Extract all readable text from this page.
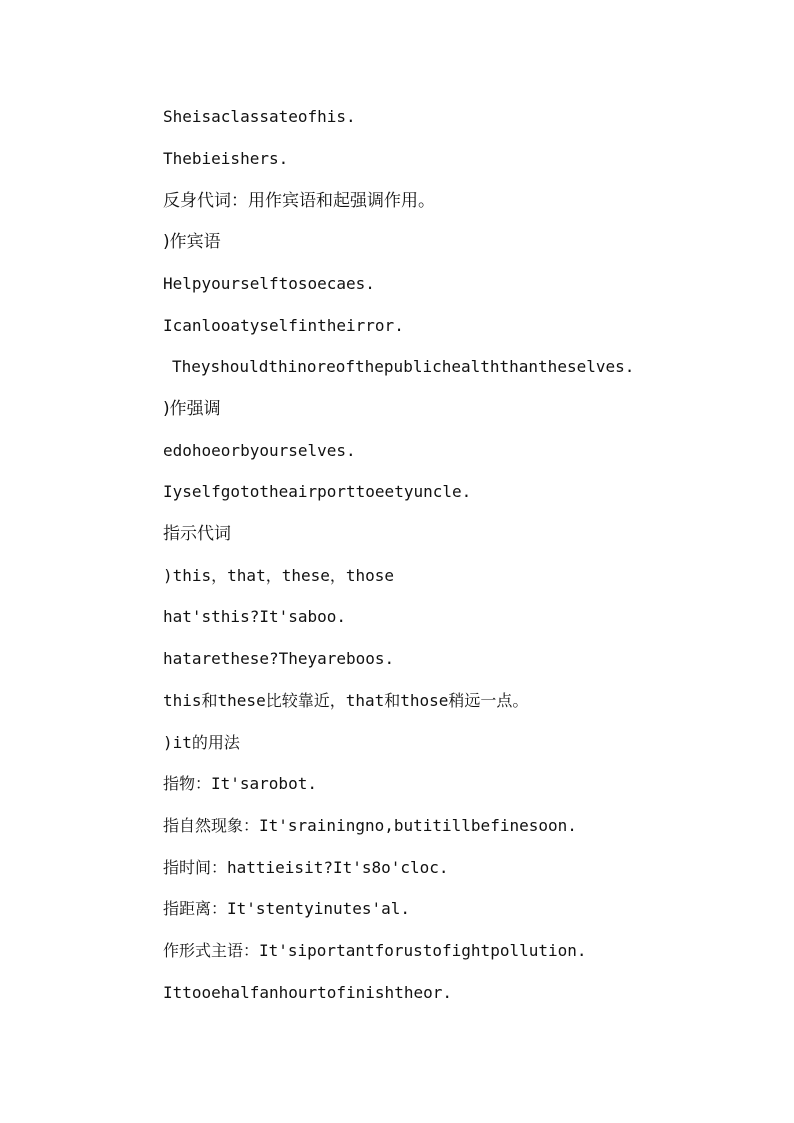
Sheisaclassateofhis.
Thebieishers.
反身代词：用作宾语和起强调作用。
)作宾语
Helpyourselftosoecaes.
Icanlooatyselfintheirror.
Theyshouldthinoreofthepublichealththantheselves.
)作强调
edohoeorbyourselves.
Iyselfgototheairporttoeetyuncle.
指示代词
)this，that，these，those
hat'sthis?It'saboo.
hatarethese?Theyareboos.
this和these比较靠近，that和those稍远一点。
)it的用法
指物：It'sarobot.
指自然现象：It'srainingno,butitillbefinesoon.
指时间：hattieisit?It's8o'cloc.
指距离：It'stentyinutes'al.
作形式主语：It'siportantforustofightpollution.
Ittooehalfanhourtofinishtheor.
